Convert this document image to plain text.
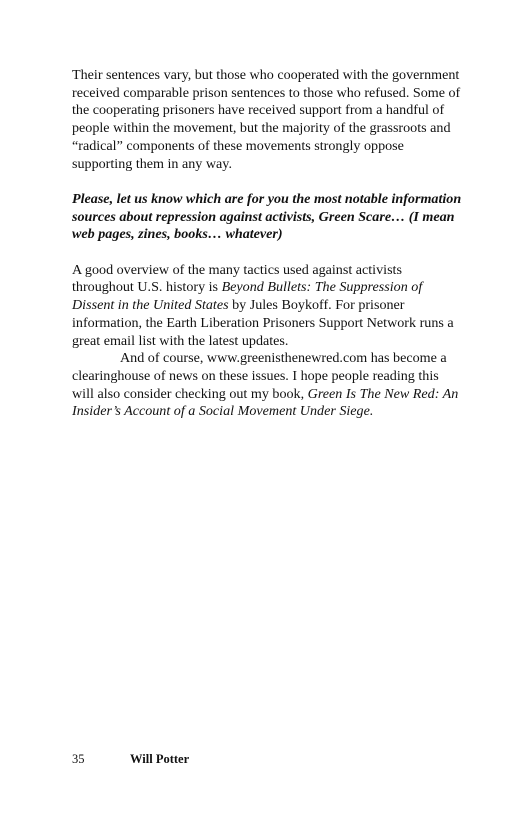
Their sentences vary, but those who cooperated with the government received comparable prison sentences to those who refused. Some of the cooperating prisoners have received support from a handful of people within the movement, but the majority of the grassroots and “radical” components of these movements strongly oppose supporting them in any way.

Please, let us know which are for you the most notable information sources about repression against activists, Green Scare… (I mean web pages, zines, books… whatever)

A good overview of the many tactics used against activists throughout U.S. history is Beyond Bullets: The Suppression of Dissent in the United States by Jules Boykoff. For prisoner information, the Earth Liberation Prisoners Support Network runs a great email list with the latest updates.

And of course, www.greenisthenewred.com has become a clearinghouse of news on these issues. I hope people reading this will also consider checking out my book, Green Is The New Red: An Insider’s Account of a Social Movement Under Siege.

35	Will Potter
